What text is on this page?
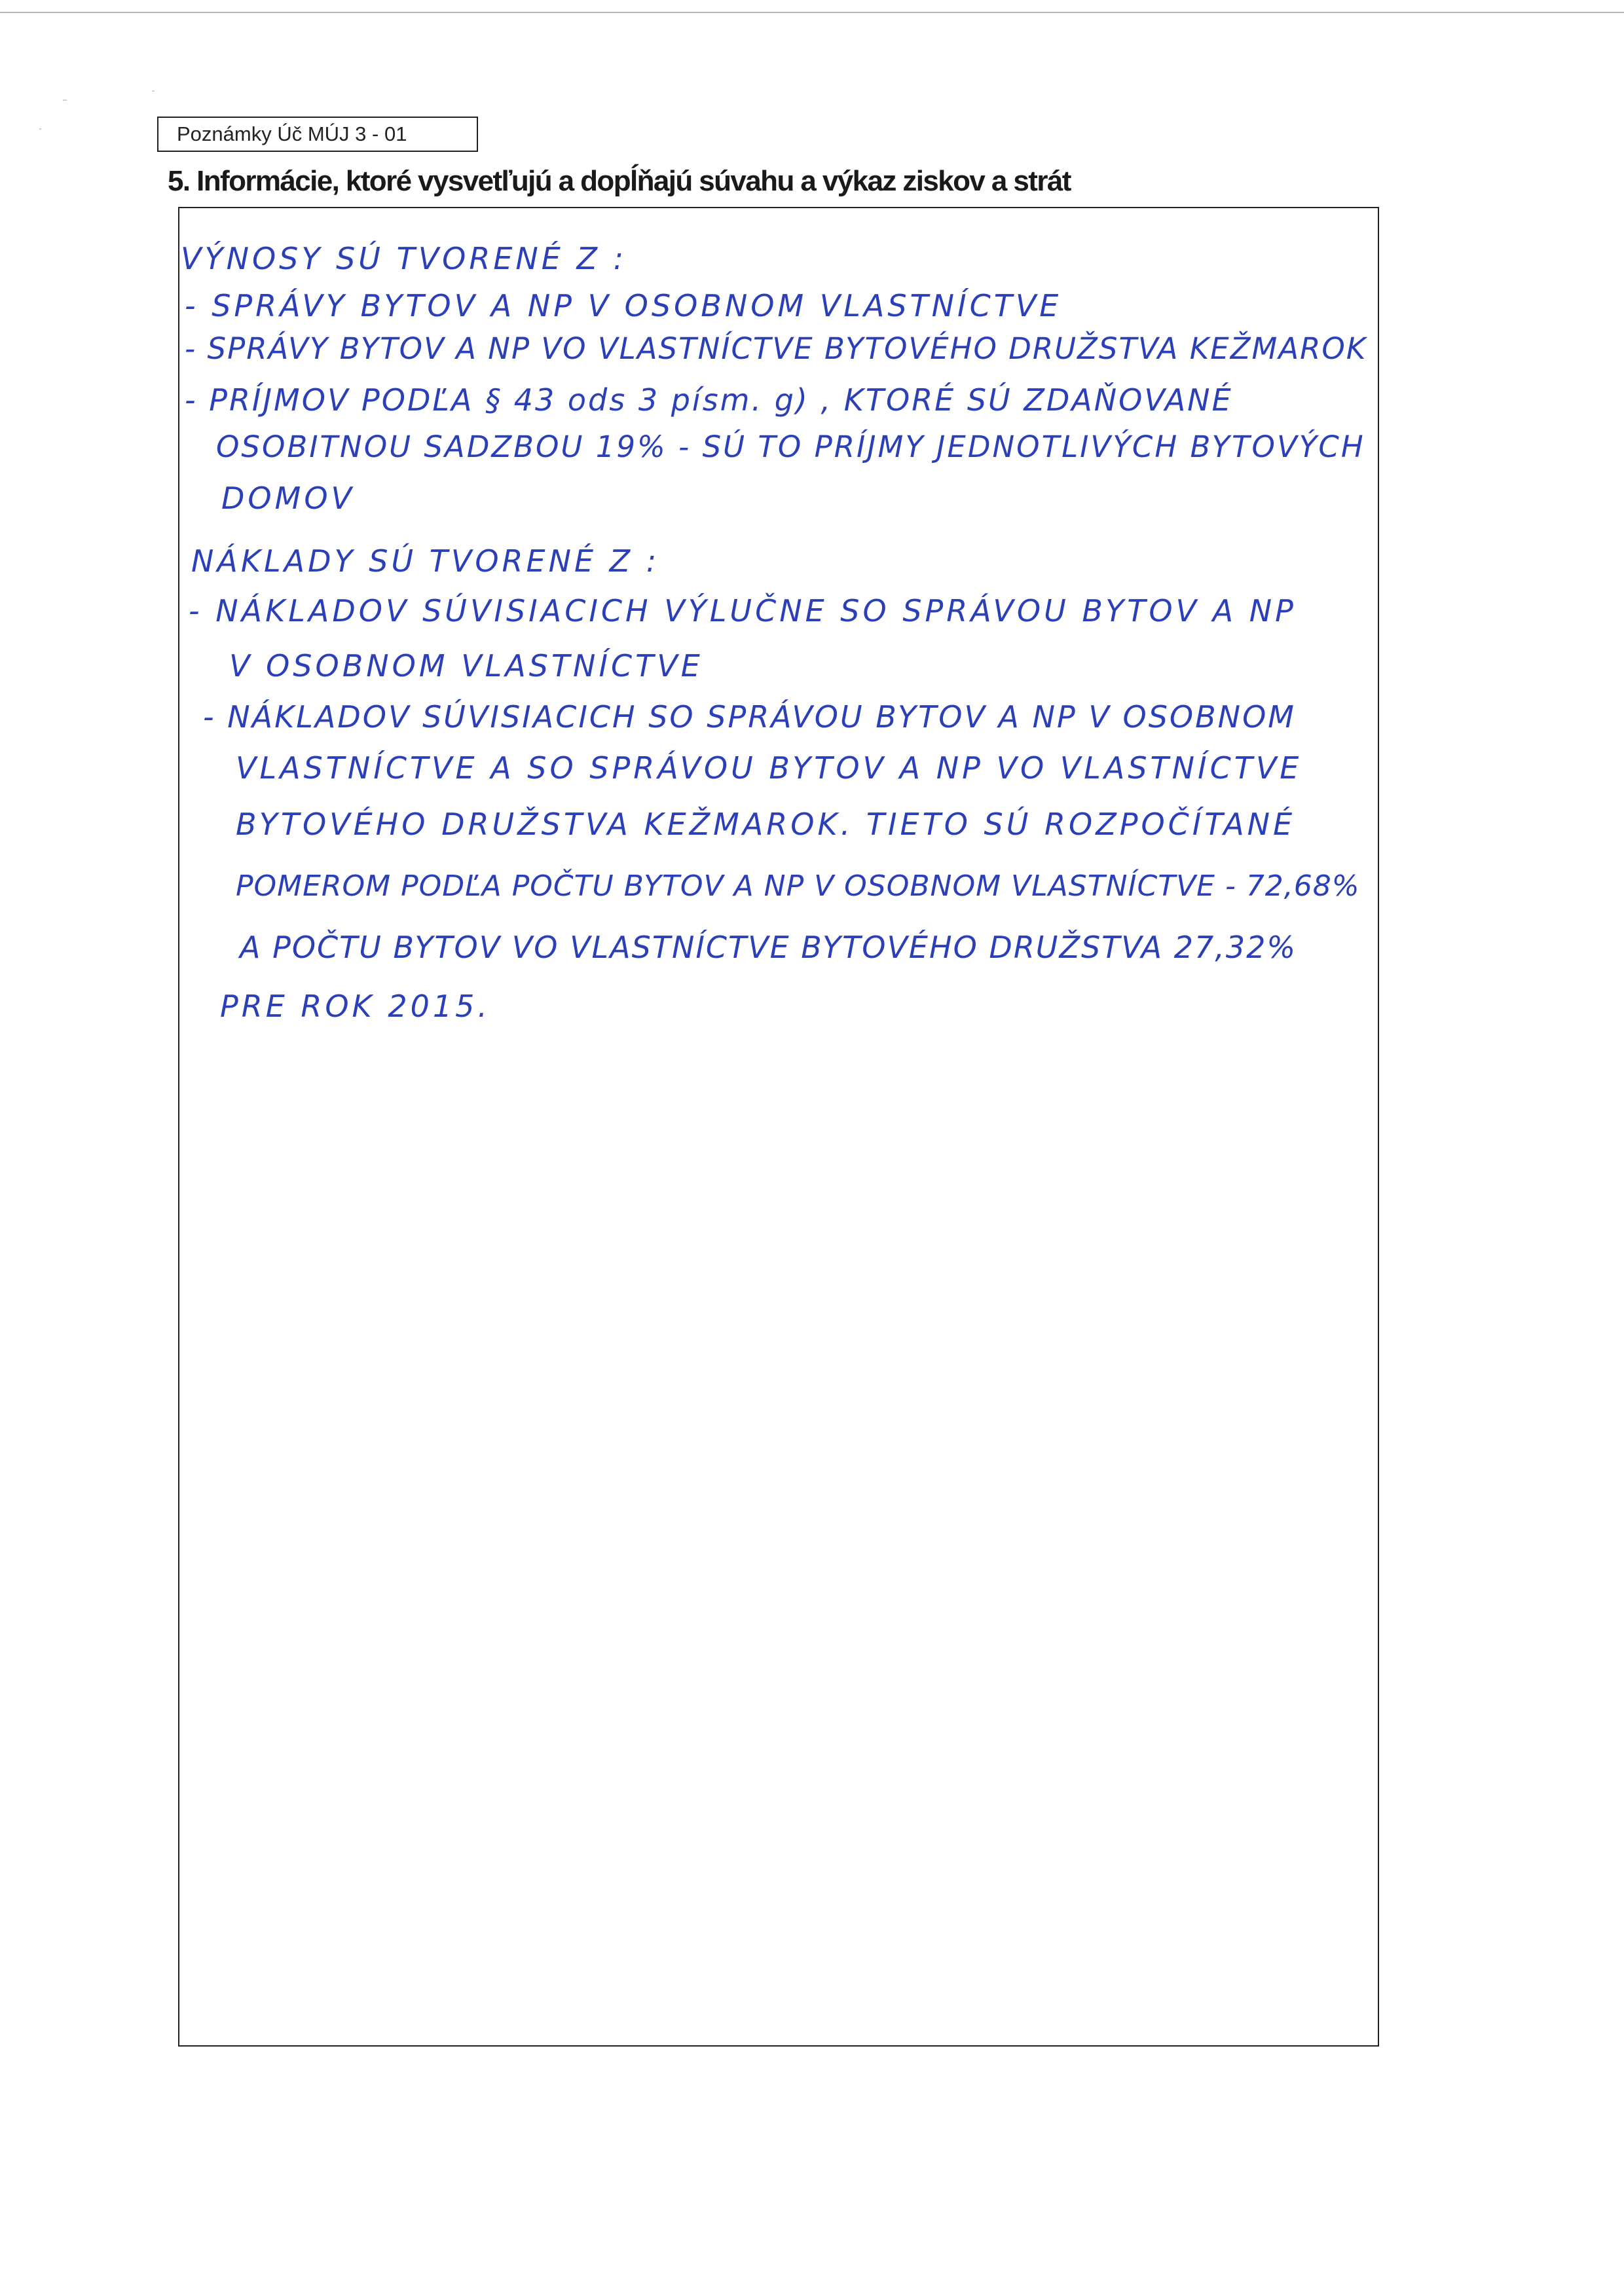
Poznámky Úč MÚJ 3 - 01
5. Informácie, ktoré vysvetľujú a dopĺňajú súvahu a výkaz ziskov a strát
VÝNOSY SÚ TVORENÉ Z :
- SPRÁVY BYTOV A NP V OSOBNOM VLASTNÍCTVE
- SPRÁVY BYTOV A NP VO VLASTNÍCTVE BYTOVÉHO DRUŽSTVA KEŽMAROK
- PRÍJMOV PODĽA § 43 ods 3 písm. g) , KTORÉ SÚ ZDAŇOVANÉ
OSOBITNOU SADZBOU 19% - SÚ TO PRÍJMY JEDNOTLIVÝCH BYTOVÝCH
DOMOV
NÁKLADY SÚ TVORENÉ Z :
- NÁKLADOV SÚVISIACICH VÝLUČNE SO SPRÁVOU BYTOV A NP
V OSOBNOM VLASTNÍCTVE
- NÁKLADOV SÚVISIACICH SO SPRÁVOU BYTOV A NP V OSOBNOM
VLASTNÍCTVE A SO SPRÁVOU BYTOV A NP VO VLASTNÍCTVE
BYTOVÉHO DRUŽSTVA KEŽMAROK. TIETO SÚ ROZPOČÍTANÉ
POMEROM PODĽA POČTU BYTOV A NP V OSOBNOM VLASTNÍCTVE - 72,68%
A POČTU BYTOV VO VLASTNÍCTVE BYTOVÉHO DRUŽSTVA 27,32%
PRE ROK 2015.
